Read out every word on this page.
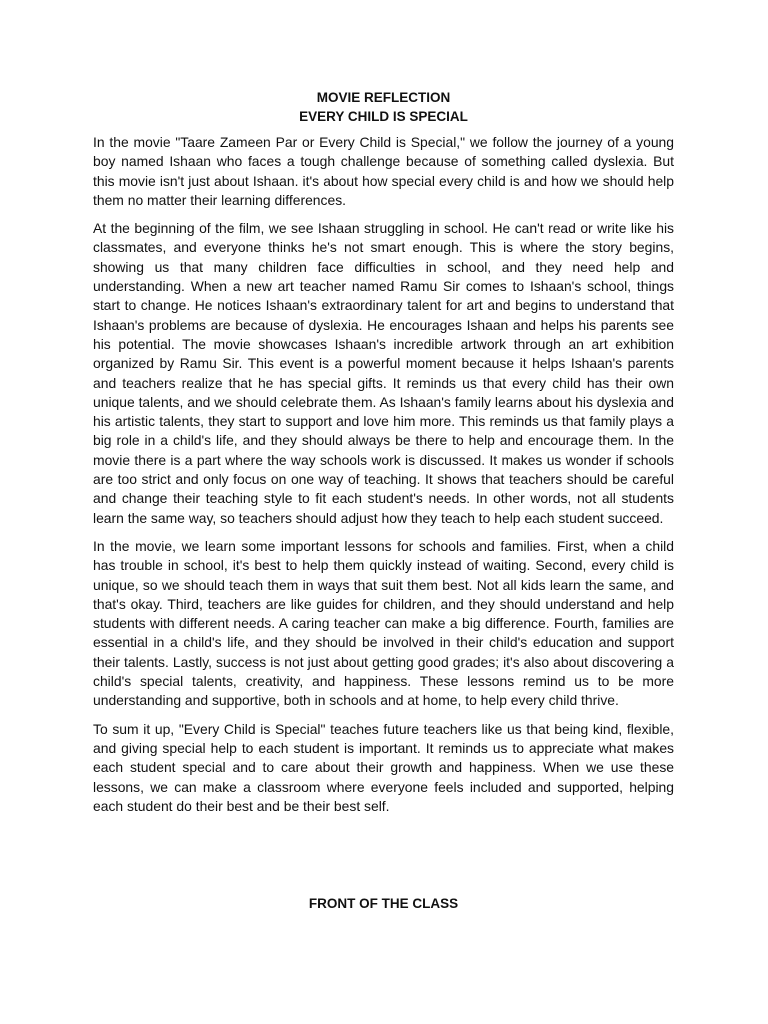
MOVIE REFLECTION

EVERY CHILD IS SPECIAL

In the movie "Taare Zameen Par or Every Child is Special," we follow the journey of a young boy named Ishaan who faces a tough challenge because of something called dyslexia. But this movie isn't just about Ishaan. it's about how special every child is and how we should help them no matter their learning differences.

At the beginning of the film, we see Ishaan struggling in school. He can't read or write like his classmates, and everyone thinks he's not smart enough. This is where the story begins, showing us that many children face difficulties in school, and they need help and understanding. When a new art teacher named Ramu Sir comes to Ishaan's school, things start to change. He notices Ishaan's extraordinary talent for art and begins to understand that Ishaan's problems are because of dyslexia. He encourages Ishaan and helps his parents see his potential. The movie showcases Ishaan's incredible artwork through an art exhibition organized by Ramu Sir. This event is a powerful moment because it helps Ishaan's parents and teachers realize that he has special gifts. It reminds us that every child has their own unique talents, and we should celebrate them. As Ishaan's family learns about his dyslexia and his artistic talents, they start to support and love him more. This reminds us that family plays a big role in a child's life, and they should always be there to help and encourage them. In the movie there is a part where the way schools work is discussed. It makes us wonder if schools are too strict and only focus on one way of teaching. It shows that teachers should be careful and change their teaching style to fit each student's needs. In other words, not all students learn the same way, so teachers should adjust how they teach to help each student succeed.

In the movie, we learn some important lessons for schools and families. First, when a child has trouble in school, it's best to help them quickly instead of waiting. Second, every child is unique, so we should teach them in ways that suit them best. Not all kids learn the same, and that's okay. Third, teachers are like guides for children, and they should understand and help students with different needs. A caring teacher can make a big difference. Fourth, families are essential in a child's life, and they should be involved in their child's education and support their talents. Lastly, success is not just about getting good grades; it's also about discovering a child's special talents, creativity, and happiness. These lessons remind us to be more understanding and supportive, both in schools and at home, to help every child thrive.

To sum it up, "Every Child is Special" teaches future teachers like us that being kind, flexible, and giving special help to each student is important. It reminds us to appreciate what makes each student special and to care about their growth and happiness. When we use these lessons, we can make a classroom where everyone feels included and supported, helping each student do their best and be their best self.

FRONT OF THE CLASS
